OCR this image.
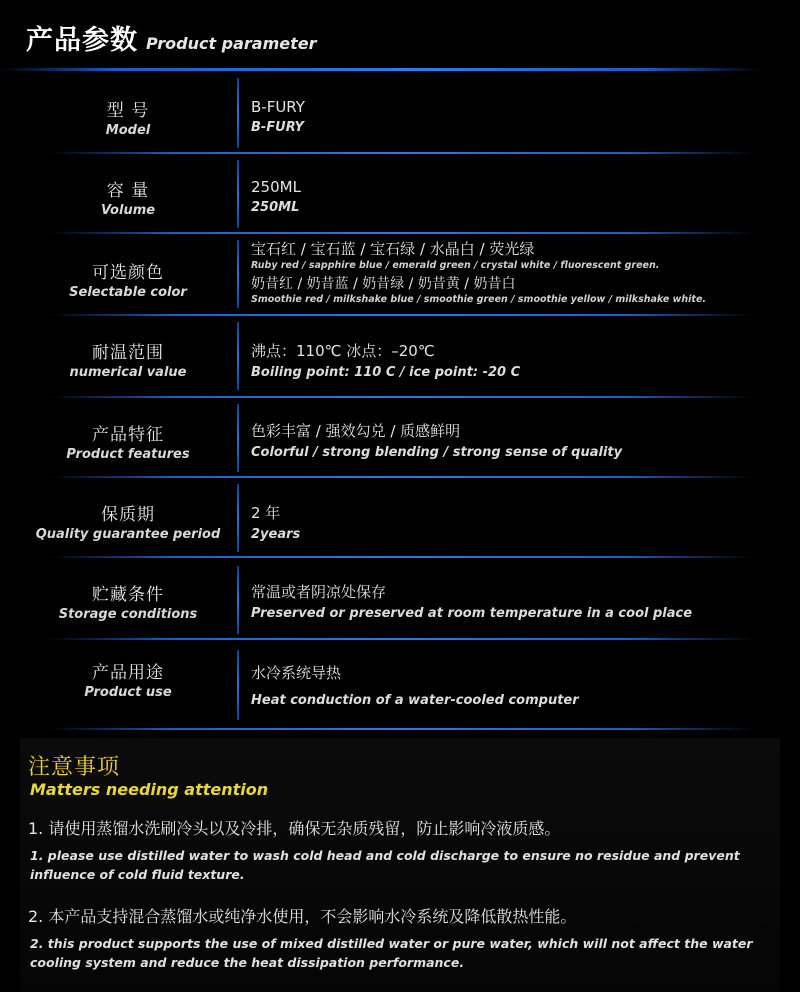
产品参数 Product parameter
型 号
Model
B-FURY
B-FURY
容 量
Volume
250ML
250ML
可选颜色
Selectable color
宝石红 / 宝石蓝 / 宝石绿 / 水晶白 / 荧光绿
Ruby red / sapphire blue / emerald green / crystal white / fluorescent green.
奶昔红 / 奶昔蓝 / 奶昔绿 / 奶昔黄 / 奶昔白
Smoothie red / milkshake blue / smoothie green / smoothie yellow / milkshake white.
耐温范围
numerical value
沸点：110℃ 冰点：–20℃
Boiling point: 110 C / ice point: -20 C
产品特征
Product features
色彩丰富 / 强效勾兑 / 质感鲜明
Colorful / strong blending / strong sense of quality
保质期
Quality guarantee period
2 年
2years
贮藏条件
Storage conditions
常温或者阴凉处保存
Preserved or preserved at room temperature in a cool place
产品用途
Product use
水冷系统导热
Heat conduction of a water-cooled computer
注意事项
Matters needing attention
1. 请使用蒸馏水洗刷冷头以及冷排，确保无杂质残留，防止影响冷液质感。
1. please use distilled water to wash cold head and cold discharge to ensure no residue and prevent influence of cold fluid texture.
2. 本产品支持混合蒸馏水或纯净水使用，不会影响水冷系统及降低散热性能。
2. this product supports the use of mixed distilled water or pure water, which will not affect the water cooling system and reduce the heat dissipation performance.
